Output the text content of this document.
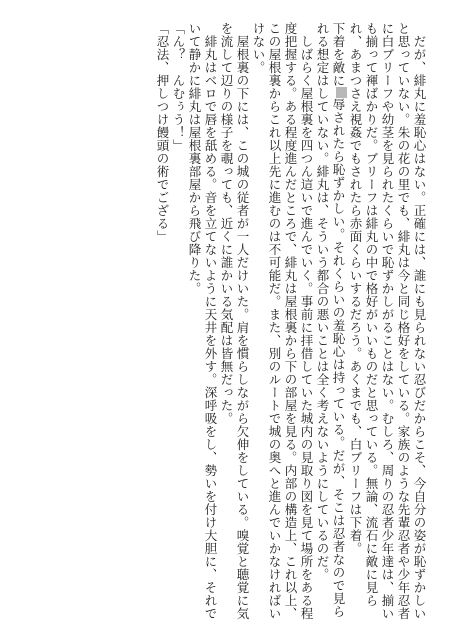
だが、緋丸に羞恥心はない。正確には、誰にも見られない忍びだからこそ、今自分の姿が恥ずかしいと思っていない。朱の花の里でも、緋丸は今と同じ格好をしている。家族のような先輩忍者や少年忍者に白ブリーフや幼茎を見られたくらいで恥ずかしがることはない。むしろ、周りの忍者少年達は、揃いも揃って褌ばかりだ。ブリーフは緋丸の中で格好がいいものだと思っている。無論、流石に敵に見られ、あまつさえ視姦でもされたら赤面くらいするだろう。あくまでも、白ブリーフは下着。

下着を敵に辱されたら恥ずかしい。それくらいの羞恥心は持っている。だが、そこは忍者なので見られる想定はしていない。緋丸は、そういう都合の悪いことは全く考えないようにしているのだ。

しばらく屋根裏を四つん這いで進んでいく。事前に拝借していた城内の見取り図を見て場所をある程度把握する。ある程度進んだところで、緋丸は屋根裏から下の部屋を見る。内部の構造上、これ以上、この屋根裏からこれ以上先に進むのは不可能だ。また、別のルートで城の奥へと進んでいかなければいけない。

屋根裏の下には、この城の従者が一人だけいた。肩を慣らしながら欠伸をしている。嗅覚と聴覚に気を流して辺りの様子を覗っても、近くに誰かいる気配は皆無だった。

緋丸はベロで唇を舐める。音を立てないように天井を外す。深呼吸をし、勢いを付け大胆に、それでいて静かに緋丸は屋根裏部屋から飛び降りた。

「ん？　んむぅう！」

「忍法、押しつけ饅頭の術でござる」
